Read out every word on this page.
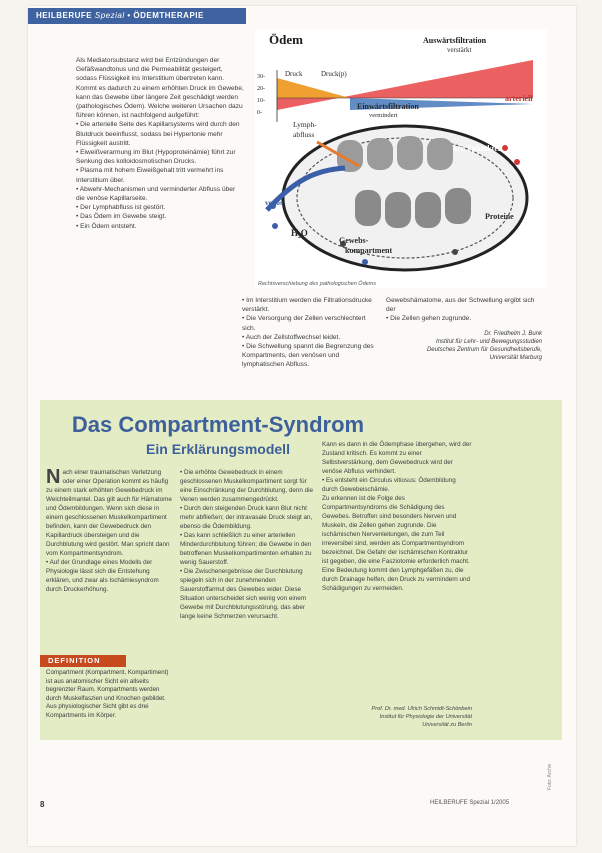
HEILBERUFE Spezial • ÖDEMTHERAPIE

Als Mediatorsubstanz wird bei Entzündungen der Gefäßwandtonus und die Permeabilität gesteigert, sodass Flüssigkeit ins Interstitium übertreten kann.

Kommt es dadurch zu einem erhöhten Druck im Gewebe, kann das Gewebe über längere Zeit geschädigt werden (pathologisches Ödem). Welche weiteren Ursachen dazu führen können, ist nachfolgend aufgeführt:

• Die arterielle Seite des Kapillarsystems wird durch den Blutdruck beeinflusst, sodass bei Hypertonie mehr Flüssigkeit austritt.

• Eiweißverarmung im Blut (Hypoproteinämie) führt zur Senkung des kolloidosmotischen Drucks.

• Plasma mit hohem Eiweißgehalt tritt vermehrt ins Interstitium über.

• Abwehr-Mechanismen und verminderter Abfluss über die venöse Kapillarseite.

• Der Lymphabfluss ist gestört.

• Das Ödem im Gewebe steigt.

• Ein Ödem entsteht.

Ödem	Auswärtsfiltration
verstärkt
Druck	Druck(p)
30-
20-
10-
0-
Einwärtsfiltration
vermindert
Lymph-
abfluss
arteriell
art. Sphinkter
venös
Proteine
H₂O
Gewebs-
kompartment
Rechtsverschiebung des pathologischen Ödems

• Im Interstitium werden die Filtrationsdrucke verstärkt.

• Die Versorgung der Zellen verschlechtert sich.

• Auch der Zellstoffwechsel leidet.

• Die Schwellung spannt die Begrenzung des Kompartments, den venösen und lymphatischen Abfluss.

Gewebshämatome, aus der Schwellung ergibt sich der

• Die Zellen gehen zugrunde.

Dr. Friedhelm J. Bunk
Institut für Lehr- und Bewegungsstudien
Deutsches Zentrum für Gesundheitsberufe,
Universität Marburg
Das Compartment-Syndrom
Ein Erklärungsmodell

Nach einer traumatischen Verletzung oder einer Operation kommt es häufig zu einem stark erhöhten Gewebedruck im Weichteilmantel. Das gilt auch für Hämatome und Ödembildungen. Wenn sich diese in einem geschlossenen Muskelkompartiment befinden, kann der Gewebedruck den Kapillardruck übersteigen und die Durchblutung wird gestört. Man spricht dann vom Kompartmentsyndrom.

• Auf der Grundlage eines Modells der Physiologie lässt sich die Entstehung erklären, und zwar als Ischämiesyndrom durch Druckerhöhung.

• Die erhöhte Gewebedruck in einem geschlossenen Muskelkompartiment sorgt für eine Einschränkung der Durchblutung, denn die Venen werden zusammengedrückt.

• Durch den steigenden Druck kann Blut nicht mehr abfließen; der intravasale Druck steigt an, ebenso die Ödembildung.

• Das kann schließlich zu einer arteriellen Minderdurchblutung führen; die Gewebe in den betroffenen Muskelkompartimenten erhalten zu wenig Sauerstoff.

• Die Zwischenergebnisse der Durchblutung spiegeln sich in der zunehmenden Sauerstoffarmut des Gewebes wider. Diese Situation unterscheidet sich wenig von einem Gewebe mit Durchblutungsstörung, das aber lange keine Schmerzen verursacht.

Kann es dann in die Ödemphase übergehen, wird der Zustand kritisch. Es kommt zu einer Selbstverstärkung, dem Gewebedruck wird der venöse Abfluss verhindert.

• Es entsteht ein Circulus vitiosus: Ödembildung durch Gewebeischämie.

Zu erkennen ist die Folge des Compartmentsyndroms die Schädigung des Gewebes. Betroffen sind besonders Nerven und Muskeln, die Zellen gehen zugrunde. Die ischämischen Nervenleitungen, die zum Teil irreversibel sind, werden als Compartmentsyndrom bezeichnet. Die Gefahr der ischämischen Kontraktur ist gegeben, die eine Fasziotomie erforderlich macht.

Eine Bedeutung kommt den Lymphgefäßen zu, die durch Drainage helfen, den Druck zu vermindern und Schädigungen zu vermeiden.

Prof. Dr. med. Ulrich Schmidt-Schönbein
Institut für Physiologie der Universität
Universität zu Berlin
DEFINITION
Compartment (Kompartment, Kompartiment) ist aus anatomischer Sicht ein allseits begrenzter Raum. Kompartments werden durch Muskelfaszien und Knochen gebildet. Aus physiologischer Sicht gibt es drei Kompartments im Körper.
Foto: Archiv
8	HEILBERUFE Spezial 1/2005
